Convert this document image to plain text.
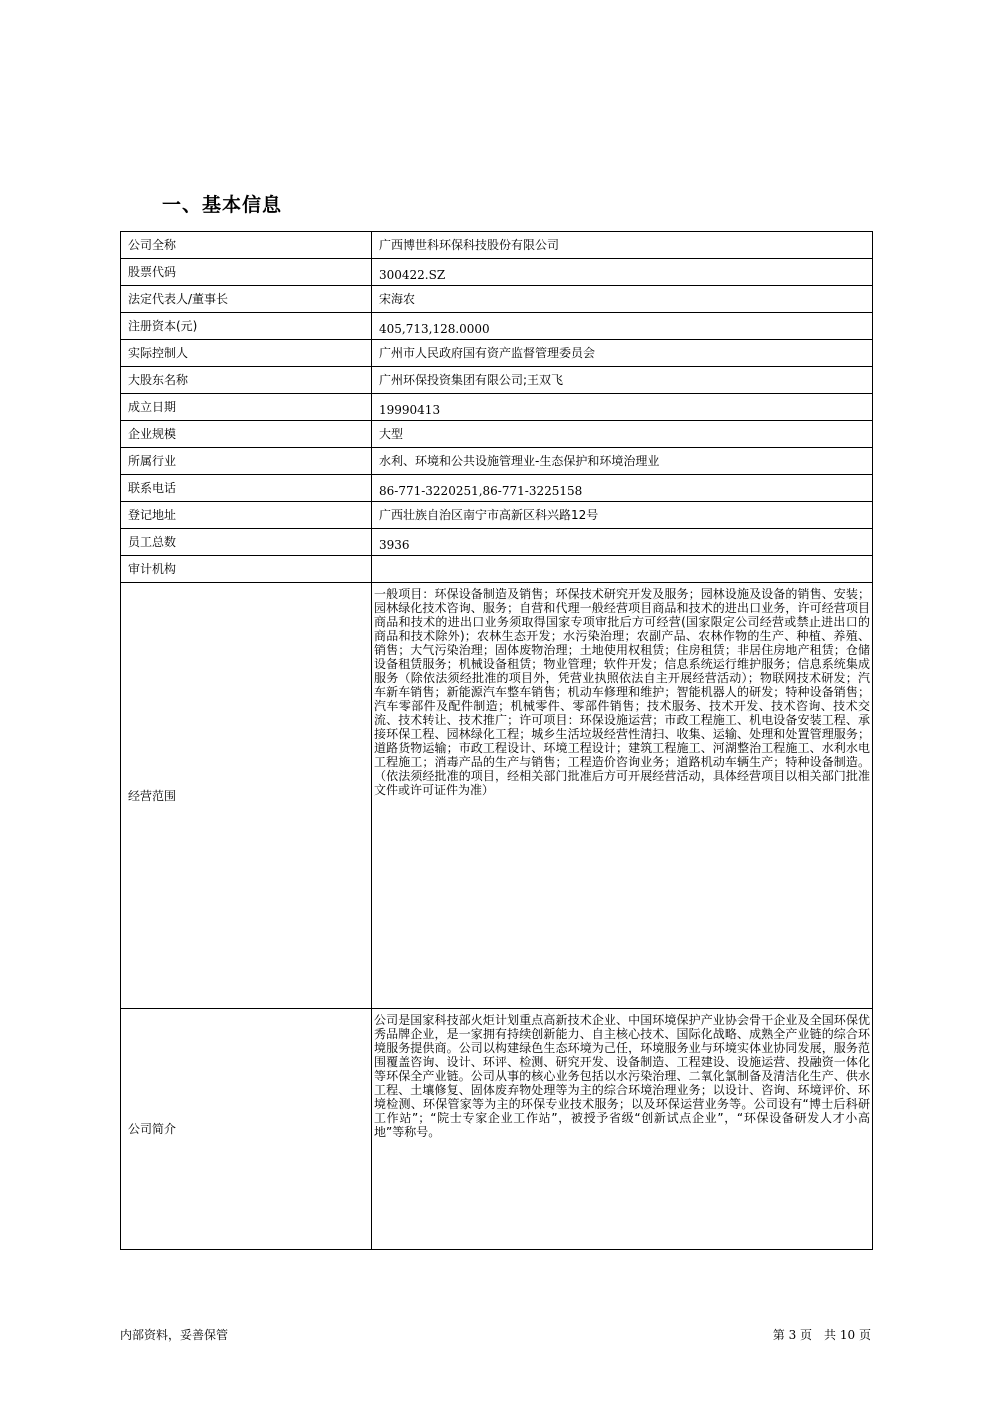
一、基本信息
公司全称	广西博世科环保科技股份有限公司
股票代码	300422.SZ
法定代表人/董事长	宋海农
注册资本(元)	405,713,128.0000
实际控制人	广州市人民政府国有资产监督管理委员会
大股东名称	广州环保投资集团有限公司;王双飞
成立日期	19990413
企业规模	大型
所属行业	水利、环境和公共设施管理业-生态保护和环境治理业
联系电话	86-771-3220251,86-771-3225158
登记地址	广西壮族自治区南宁市高新区科兴路12号
员工总数	3936
审计机构	
经营范围	一般项目：环保设备制造及销售；环保技术研究开发及服务；园林设施及设备的销售、安装；园林绿化技术咨询、服务；自营和代理一般经营项目商品和技术的进出口业务，许可经营项目商品和技术的进出口业务须取得国家专项审批后方可经营(国家限定公司经营或禁止进出口的商品和技术除外)；农林生态开发；水污染治理；农副产品、农林作物的生产、种植、养殖、销售；大气污染治理；固体废物治理；土地使用权租赁；住房租赁；非居住房地产租赁；仓储设备租赁服务；机械设备租赁；物业管理；软件开发；信息系统运行维护服务；信息系统集成服务（除依法须经批准的项目外，凭营业执照依法自主开展经营活动）；物联网技术研发；汽车新车销售；新能源汽车整车销售；机动车修理和维护；智能机器人的研发；特种设备销售；汽车零部件及配件制造；机械零件、零部件销售；技术服务、技术开发、技术咨询、技术交流、技术转让、技术推广；许可项目：环保设施运营；市政工程施工、机电设备安装工程、承接环保工程、园林绿化工程；城乡生活垃圾经营性清扫、收集、运输、处理和处置管理服务；道路货物运输；市政工程设计、环境工程设计；建筑工程施工、河湖整治工程施工、水利水电工程施工；消毒产品的生产与销售；工程造价咨询业务；道路机动车辆生产；特种设备制造。（依法须经批准的项目，经相关部门批准后方可开展经营活动，具体经营项目以相关部门批准文件或许可证件为准）
公司简介	公司是国家科技部火炬计划重点高新技术企业、中国环境保护产业协会骨干企业及全国环保优秀品牌企业，是一家拥有持续创新能力、自主核心技术、国际化战略、成熟全产业链的综合环境服务提供商。公司以构建绿色生态环境为己任，环境服务业与环境实体业协同发展，服务范围覆盖咨询、设计、环评、检测、研究开发、设备制造、工程建设、设施运营、投融资一体化等环保全产业链。公司从事的核心业务包括以水污染治理、二氧化氯制备及清洁化生产、供水工程、土壤修复、固体废弃物处理等为主的综合环境治理业务；以设计、咨询、环境评价、环境检测、环保管家等为主的环保专业技术服务；以及环保运营业务等。公司设有“博士后科研工作站”；“院士专家企业工作站”，被授予省级“创新试点企业”，“环保设备研发人才小高地”等称号。
内部资料，妥善保管	第 3 页　共 10 页
